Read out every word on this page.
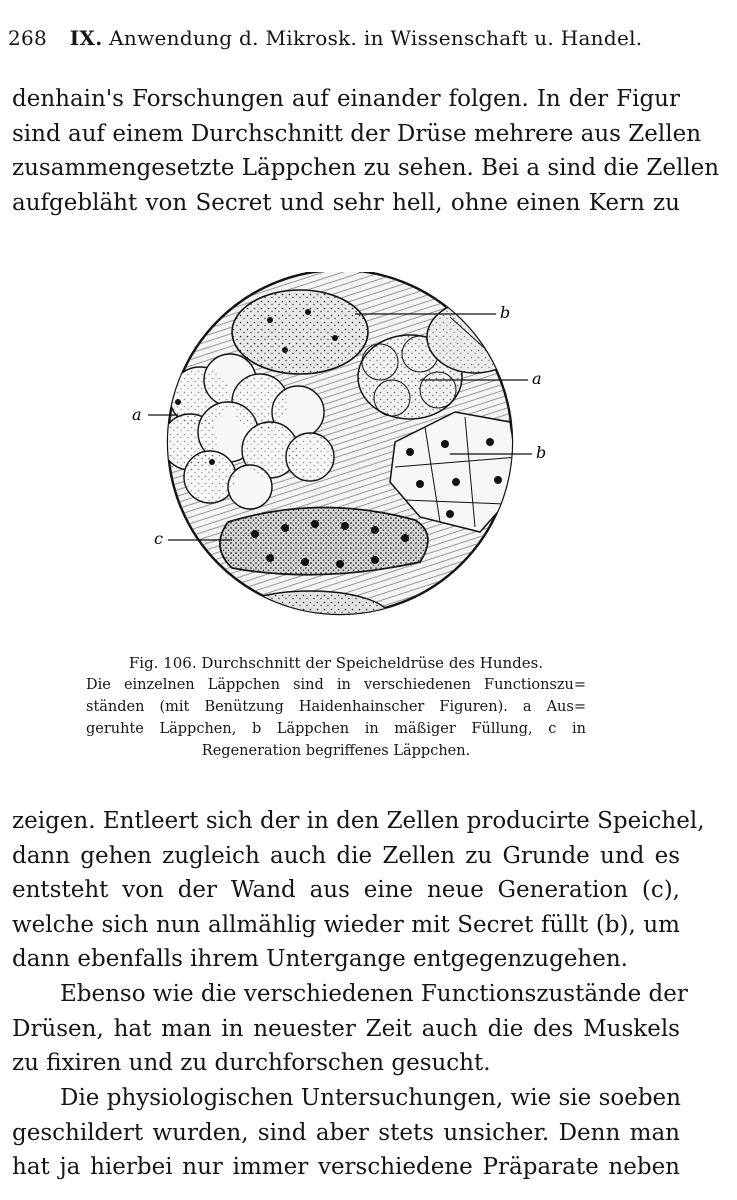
268 IX. Anwendung d. Mikrosk. in Wissenschaft u. Handel.

denhain's Forschungen auf einander folgen. In der Figur
sind auf einem Durchschnitt der Drüse mehrere aus Zellen
zusammengesetzte Läppchen zu sehen. Bei a sind die Zellen
aufgebläht von Secret und sehr hell, ohne einen Kern zu

b
a
b
a
c
Fig. 106. Durchschnitt der Speicheldrüse des Hundes.
Die einzelnen Läppchen sind in verschiedenen Functionszu=
ständen (mit Benützung Haidenhainscher Figuren). a Aus=
geruhte Läppchen, b Läppchen in mäßiger Füllung, c in
Regeneration begriffenes Läppchen.

zeigen. Entleert sich der in den Zellen producirte Speichel,
dann gehen zugleich auch die Zellen zu Grunde und es
entsteht von der Wand aus eine neue Generation (c),
welche sich nun allmählig wieder mit Secret füllt (b), um
dann ebenfalls ihrem Untergange entgegenzugehen.

Ebenso wie die verschiedenen Functionszustände der
Drüsen, hat man in neuester Zeit auch die des Muskels
zu fixiren und zu durchforschen gesucht.

Die physiologischen Untersuchungen, wie sie soeben
geschildert wurden, sind aber stets unsicher. Denn man
hat ja hierbei nur immer verschiedene Präparate neben
